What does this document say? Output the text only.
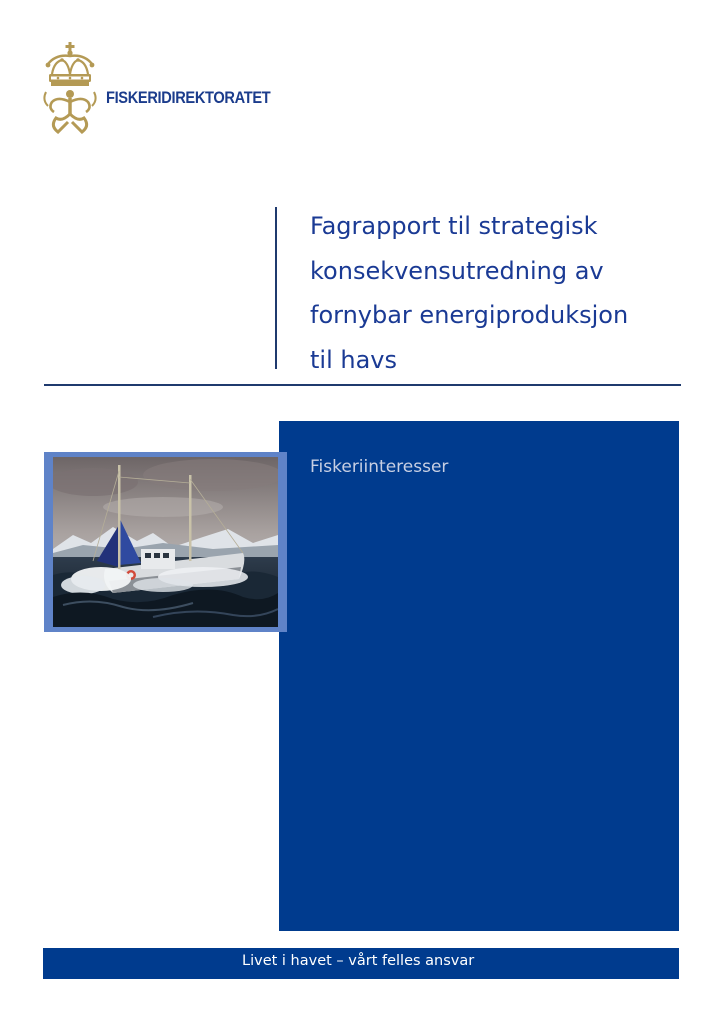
FISKERIDIREKTORATET
Fagrapport til strategisk
konsekvensutredning av
fornybar energiproduksjon
til havs
Fiskeriinteresser
Livet i havet – vårt felles ansvar
